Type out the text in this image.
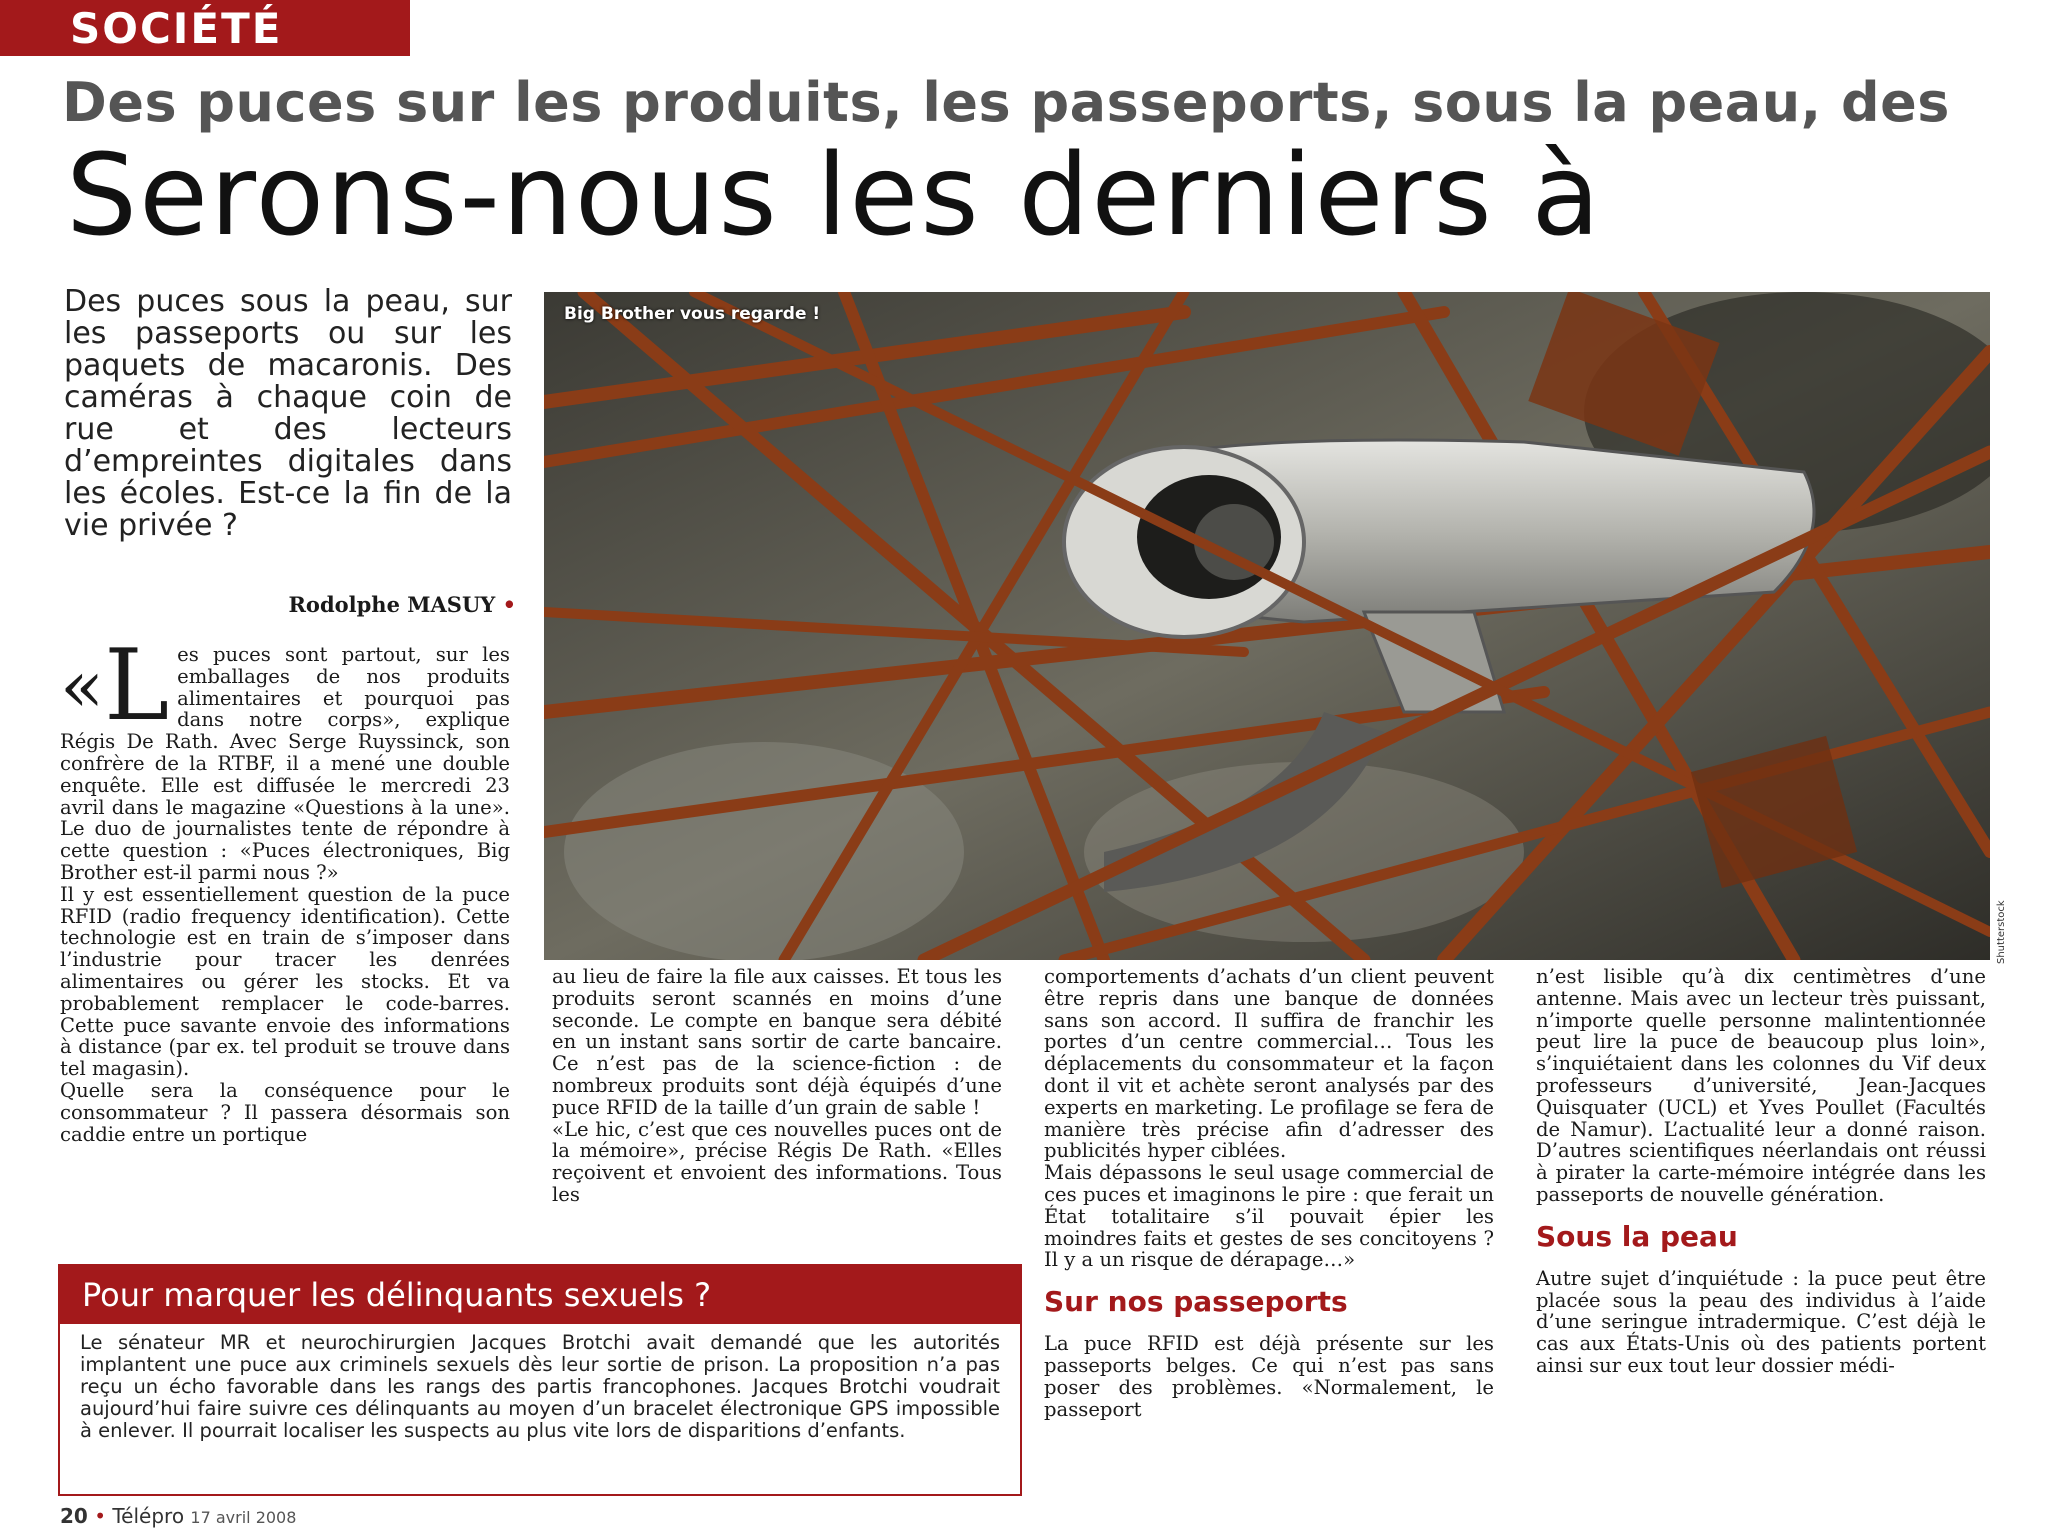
SOCIÉTÉ
Des puces sur les produits, les passeports, sous la peau, des
Serons-nous les derniers à
Des puces sous la peau, sur les passeports ou sur les paquets de macaronis. Des caméras à chaque coin de rue et des lecteurs d’empreintes digitales dans les écoles. Est-ce la fin de la vie privée ?
Rodolphe MASUY •
Big Brother vous regarde !
Shutterstock

«L es puces sont partout, sur les emballages de nos produits alimentaires et pourquoi pas dans notre corps», explique Régis De Rath. Avec Serge Ruyssinck, son confrère de la RTBF, il a mené une double enquête. Elle est diffusée le mercredi 23 avril dans le magazine «Questions à la une». Le duo de journalistes tente de répondre à cette question : «Puces électroniques, Big Brother est-il parmi nous ?»

Il y est essentiellement question de la puce RFID (radio frequency identification). Cette technologie est en train de s’imposer dans l’industrie pour tracer les denrées alimentaires ou gérer les stocks. Et va probablement remplacer le code-barres. Cette puce savante envoie des informations à distance (par ex. tel produit se trouve dans tel magasin).

Quelle sera la conséquence pour le consommateur ? Il passera désormais son caddie entre un portique

au lieu de faire la file aux caisses. Et tous les produits seront scannés en moins d’une seconde. Le compte en banque sera débité en un instant sans sortir de carte bancaire. Ce n’est pas de la science-fiction : de nombreux produits sont déjà équipés d’une puce RFID de la taille d’un grain de sable !

«Le hic, c’est que ces nouvelles puces ont de la mémoire», précise Régis De Rath. «Elles reçoivent et envoient des informations. Tous les

comportements d’achats d’un client peuvent être repris dans une banque de données sans son accord. Il suffira de franchir les portes d’un centre commercial… Tous les déplacements du consommateur et la façon dont il vit et achète seront analysés par des experts en marketing. Le profilage se fera de manière très précise afin d’adresser des publicités hyper ciblées.

Mais dépassons le seul usage commercial de ces puces et imaginons le pire : que ferait un État totalitaire s’il pouvait épier les moindres faits et gestes de ses concitoyens ? Il y a un risque de dérapage…»

Sur nos passeports

La puce RFID est déjà présente sur les passeports belges. Ce qui n’est pas sans poser des problèmes. «Normalement, le passeport

n’est lisible qu’à dix centimètres d’une antenne. Mais avec un lecteur très puissant, n’importe quelle personne malintentionnée peut lire la puce de beaucoup plus loin», s’inquiétaient dans les colonnes du Vif deux professeurs d’université, Jean-Jacques Quisquater (UCL) et Yves Poullet (Facultés de Namur). L’actualité leur a donné raison. D’autres scientifiques néerlandais ont réussi à pirater la carte-mémoire intégrée dans les passeports de nouvelle génération.

Sous la peau

Autre sujet d’inquiétude : la puce peut être placée sous la peau des individus à l’aide d’une seringue intradermique. C’est déjà le cas aux États-Unis où des patients portent ainsi sur eux tout leur dossier médi-

Pour marquer les délinquants sexuels ?
Le sénateur MR et neurochirurgien Jacques Brotchi avait demandé que les autorités implantent une puce aux criminels sexuels dès leur sortie de prison. La proposition n’a pas reçu un écho favorable dans les rangs des partis francophones. Jacques Brotchi voudrait aujourd’hui faire suivre ces délinquants au moyen d’un bracelet électronique GPS impossible à enlever. Il pourrait localiser les suspects au plus vite lors de disparitions d’enfants.
20 • Télépro 17 avril 2008
